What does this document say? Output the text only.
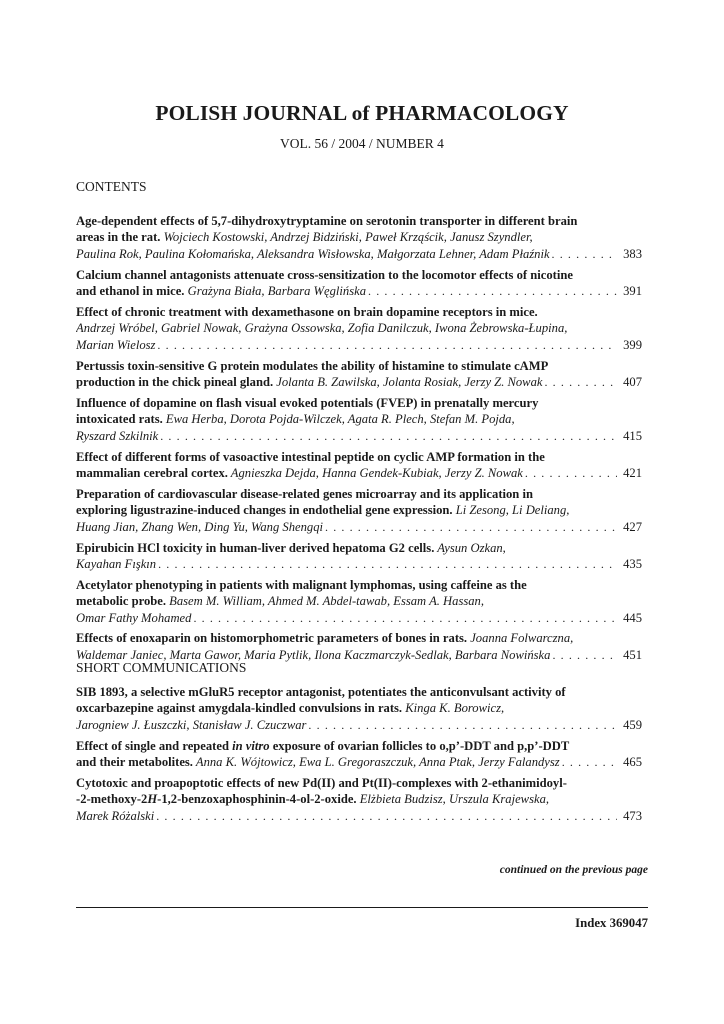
POLISH JOURNAL of PHARMACOLOGY
VOL. 56 / 2004 / NUMBER 4
CONTENTS
Age-dependent effects of 5,7-dihydroxytryptamine on serotonin transporter in different brain
areas in the rat. Wojciech Kostowski, Andrzej Bidziński, Paweł Krząścik, Janusz Szyndler,
Paulina Rok, Paulina Kołomańska, Aleksandra Wisłowska, Małgorzata Lehner, Adam Płaźnik . . .	383
Calcium channel antagonists attenuate cross-sensitization to the locomotor effects of nicotine
and ethanol in mice. Grażyna Biała, Barbara Węglińska . . .	391
Effect of chronic treatment with dexamethasone on brain dopamine receptors in mice.
Andrzej Wróbel, Gabriel Nowak, Grażyna Ossowska, Zofia Danilczuk, Iwona Żebrowska-Łupina,
Marian Wielosz . . .	399
Pertussis toxin-sensitive G protein modulates the ability of histamine to stimulate cAMP
production in the chick pineal gland. Jolanta B. Zawilska, Jolanta Rosiak, Jerzy Z. Nowak . . .	407
Influence of dopamine on flash visual evoked potentials (FVEP) in prenatally mercury
intoxicated rats. Ewa Herba, Dorota Pojda-Wilczek, Agata R. Plech, Stefan M. Pojda,
Ryszard Szkilnik . . .	415
Effect of different forms of vasoactive intestinal peptide on cyclic AMP formation in the
mammalian cerebral cortex. Agnieszka Dejda, Hanna Gendek-Kubiak, Jerzy Z. Nowak . . .	421
Preparation of cardiovascular disease-related genes microarray and its application in
exploring ligustrazine-induced changes in endothelial gene expression. Li Zesong, Li Deliang,
Huang Jian, Zhang Wen, Ding Yu, Wang Shengqi . . .	427
Epirubicin HCl toxicity in human-liver derived hepatoma G2 cells. Aysun Ozkan,
Kayahan Fışkın . . .	435
Acetylator phenotyping in patients with malignant lymphomas, using caffeine as the
metabolic probe. Basem M. William, Ahmed M. Abdel-tawab, Essam A. Hassan,
Omar Fathy Mohamed . . .	445
Effects of enoxaparin on histomorphometric parameters of bones in rats. Joanna Folwarczna,
Waldemar Janiec, Marta Gawor, Maria Pytlik, Ilona Kaczmarczyk-Sedlak, Barbara Nowińska . . .	451
SHORT COMMUNICATIONS
SIB 1893, a selective mGluR5 receptor antagonist, potentiates the anticonvulsant activity of
oxcarbazepine against amygdala-kindled convulsions in rats. Kinga K. Borowicz,
Jarogniew J. Łuszczki, Stanisław J. Czuczwar . . .	459
Effect of single and repeated in vitro exposure of ovarian follicles to o,p’-DDT and p,p’-DDT
and their metabolites. Anna K. Wójtowicz, Ewa L. Gregoraszczuk, Anna Ptak, Jerzy Falandysz . . .	465
Cytotoxic and proapoptotic effects of new Pd(II) and Pt(II)-complexes with 2-ethanimidoyl-
-2-methoxy-2H-1,2-benzoxaphosphinin-4-ol-2-oxide. Elżbieta Budzisz, Urszula Krajewska,
Marek Różalski . . .	473
continued on the previous page
Index 369047
